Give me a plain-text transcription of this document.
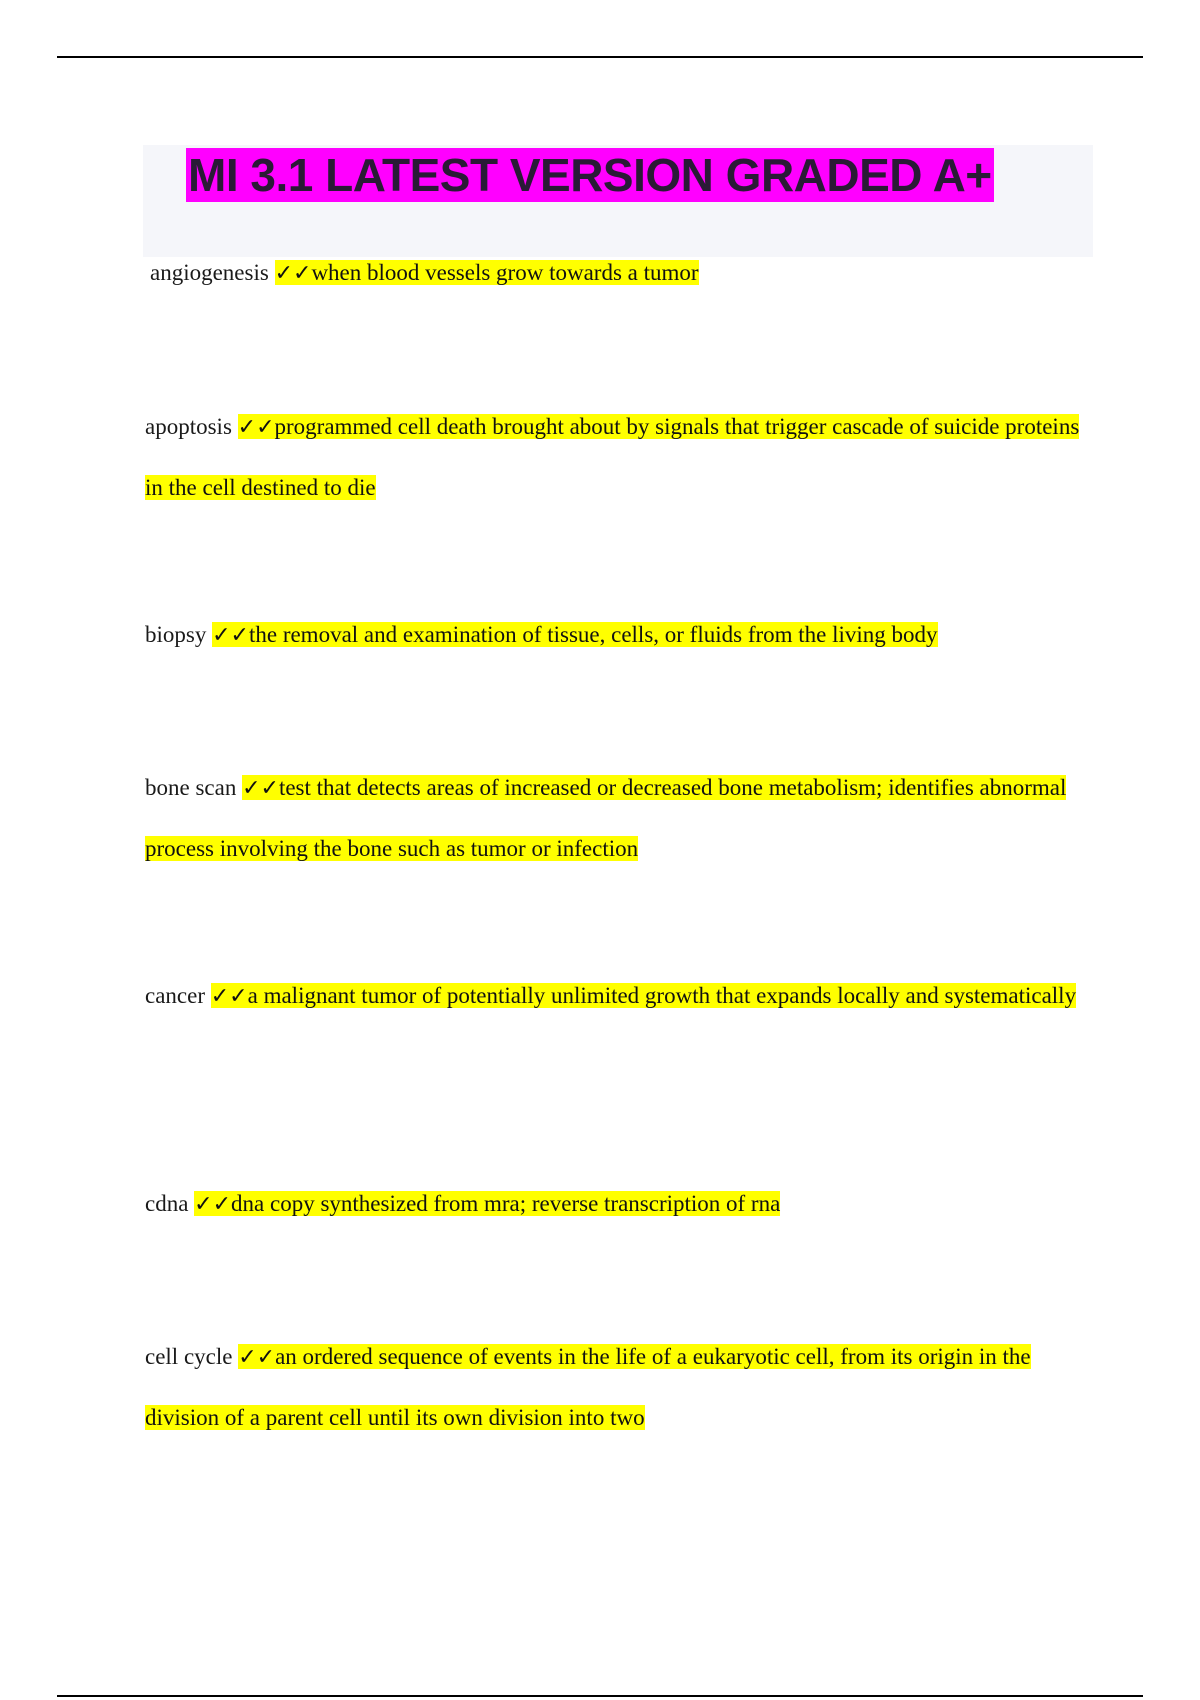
MI 3.1 LATEST VERSION GRADED A+
angiogenesis ✓✓when blood vessels grow towards a tumor
apoptosis ✓✓programmed cell death brought about by signals that trigger cascade of suicide proteins in the cell destined to die
biopsy ✓✓the removal and examination of tissue, cells, or fluids from the living body
bone scan ✓✓test that detects areas of increased or decreased bone metabolism; identifies abnormal process involving the bone such as tumor or infection
cancer ✓✓a malignant tumor of potentially unlimited growth that expands locally and systematically
cdna ✓✓dna copy synthesized from mra; reverse transcription of rna
cell cycle ✓✓an ordered sequence of events in the life of a eukaryotic cell, from its origin in the division of a parent cell until its own division into two
